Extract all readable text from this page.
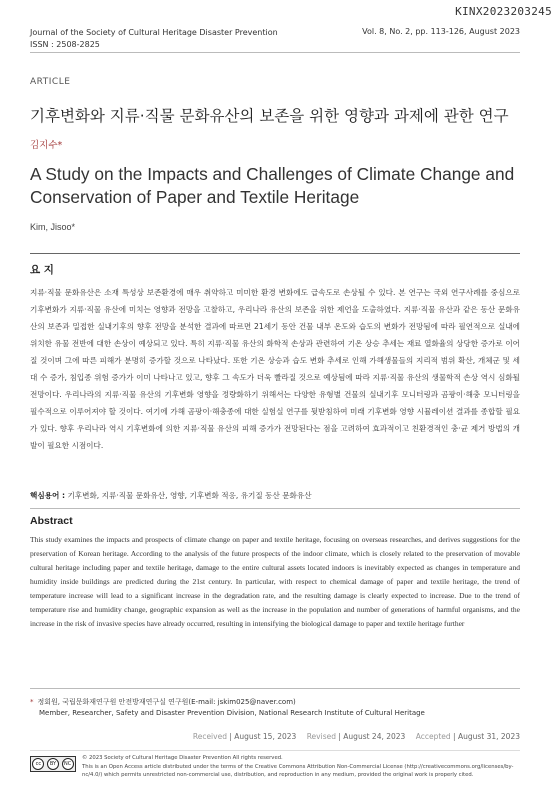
KINX2023203245
Journal of the Society of Cultural Heritage Disaster Prevention
ISSN : 2508-2825
Vol. 8, No. 2, pp. 113-126, August 2023
ARTICLE
기후변화와 지류·직물 문화유산의 보존을 위한 영향과 과제에 관한 연구
김지수*
A Study on the Impacts and Challenges of Climate Change and Conservation of Paper and Textile Heritage
Kim, Jisoo*
요 지

지류·직물 문화유산은 소재 특성상 보존환경에 매우 취약하고 미미한 환경 변화에도 급속도로 손상될 수 있다. 본 연구는 국외 연구사례를 중심으로 기후변화가 지류·직물 유산에 미치는 영향과 전망을 고찰하고, 우리나라 유산의 보존을 위한 제언을 도출하였다. 지류·직물 유산과 같은 동산 문화유산의 보존과 밀접한 실내기후의 향후 전망을 분석한 결과에 따르면 21세기 동안 건물 내부 온도와 습도의 변화가 전망됨에 따라 필연적으로 실내에 위치한 유물 전반에 대한 손상이 예상되고 있다. 특히 지류·직물 유산의 화학적 손상과 관련하여 기온 상승 추세는 재료 열화율의 상당한 증가로 이어질 것이며 그에 따른 피해가 분명히 증가할 것으로 나타났다. 또한 기온 상승과 습도 변화 추세로 인해 가해생물들의 지리적 범위 확산, 개체군 및 세대 수 증가, 침입종 위험 증가가 이미 나타나고 있고, 향후 그 속도가 더욱 빨라질 것으로 예상됨에 따라 지류·직물 유산의 생물학적 손상 역시 심화될 전망이다. 우리나라의 지류·직물 유산의 기후변화 영향을 정량화하기 위해서는 다양한 유형별 건물의 실내기후 모니터링과 곰팡이·해충 모니터링을 필수적으로 이루어져야 할 것이다. 여기에 가해 곰팡이·해충종에 대한 실험실 연구를 뒷받침하여 미래 기후변화 영향 시뮬레이션 결과를 종합할 필요가 있다. 향후 우리나라 역시 기후변화에 의한 지류·직물 유산의 피해 증가가 전망된다는 점을 고려하여 효과적이고 친환경적인 충·균 제거 방법의 개발이 필요한 시점이다.

핵심용어 : 기후변화, 지류·직물 문화유산, 영향, 기후변화 적응, 유기질 동산 문화유산
Abstract

This study examines the impacts and prospects of climate change on paper and textile heritage, focusing on overseas researches, and derives suggestions for the preservation of Korean heritage. According to the analysis of the future prospects of the indoor climate, which is closely related to the preservation of movable cultural heritage including paper and textile heritage, damage to the entire cultural assets located indoors is inevitably expected as changes in temperature and humidity inside buildings are predicted during the 21st century. In particular, with respect to chemical damage of paper and textile heritage, the trend of temperature increase will lead to a significant increase in the degradation rate, and the resulting damage is clearly expected to increase. Due to the trend of temperature rise and humidity change, geographic expansion as well as the increase in the population and number of generations of harmful organisms, and the increase in the risk of invasive species have already occurred, resulting in intensifying the biological damage to paper and textile heritage further

* 정회원, 국립문화재연구원 안전방재연구실 연구원(E-mail: jskim025@naver.com)
Member, Researcher, Safety and Disaster Prevention Division, National Research Institute of Cultural Heritage
Received | August 15, 2023 Revised | August 24, 2023 Accepted | August 31, 2023
cc	BY	NC
© 2023 Society of Cultural Heritage Disaster Prevention All rights reserved.
This is an Open Access article distributed under the terms of the Creative Commons Attribution Non-Commercial License (http://creativecommons.org/licenses/by-nc/4.0/) which permits unrestricted non-commercial use, distribution, and reproduction in any medium, provided the original work is properly cited.
